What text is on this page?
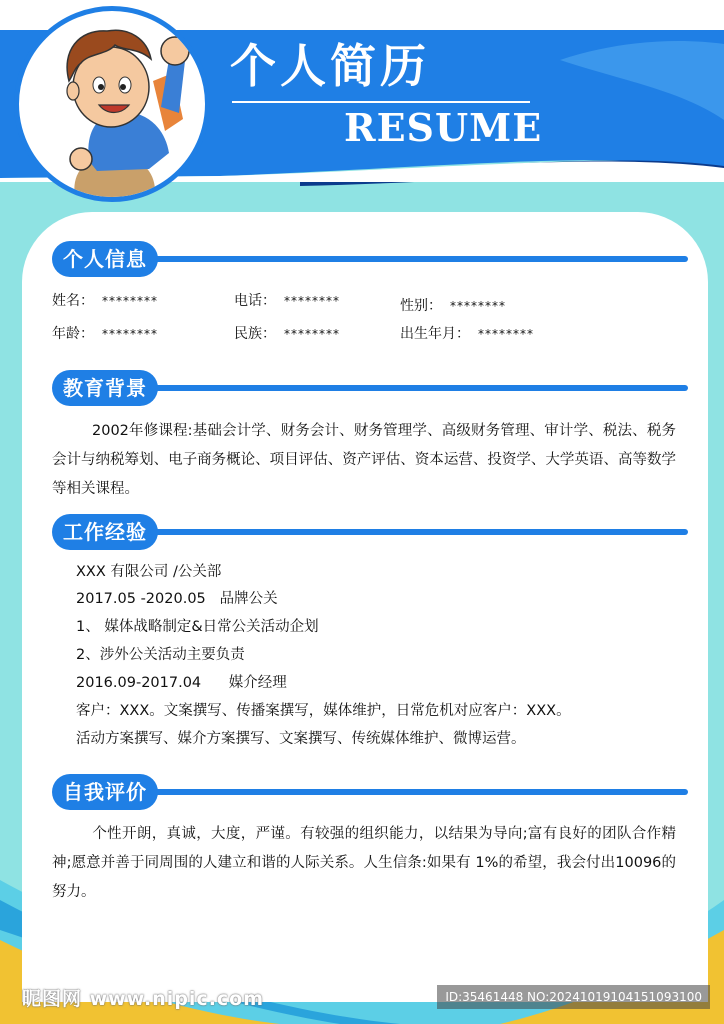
个人简历
RESUME
个人信息
姓名： ********	电话： ********	性别： ********
年龄： ********	民族： ********	出生年月： ********
教育背景
2002年修课程:基础会计学、财务会计、财务管理学、高级财务管理、审计学、税法、税务会计与纳税筹划、电子商务概论、项目评估、资产评估、资本运营、投资学、大学英语、高等数学等相关课程。
工作经验
XXX 有限公司 /公关部
2017.05 -2020.05   品牌公关
1、 媒体战略制定&日常公关活动企划
2、涉外公关活动主要负责
2016.09-2017.04      媒介经理
客户：XXX。文案撰写、传播案撰写，媒体维护，日常危机对应客户：XXX。
活动方案撰写、媒介方案撰写、文案撰写、传统媒体维护、微博运营。
自我评价
个性开朗，真诚，大度，严谨。有较强的组织能力，以结果为导向;富有良好的团队合作精神;愿意并善于同周围的人建立和谐的人际关系。人生信条:如果有 1%的希望，我会付出10096的努力。
昵图网 www.nipic.com	ID:35461448 NO:20241019104151093100
